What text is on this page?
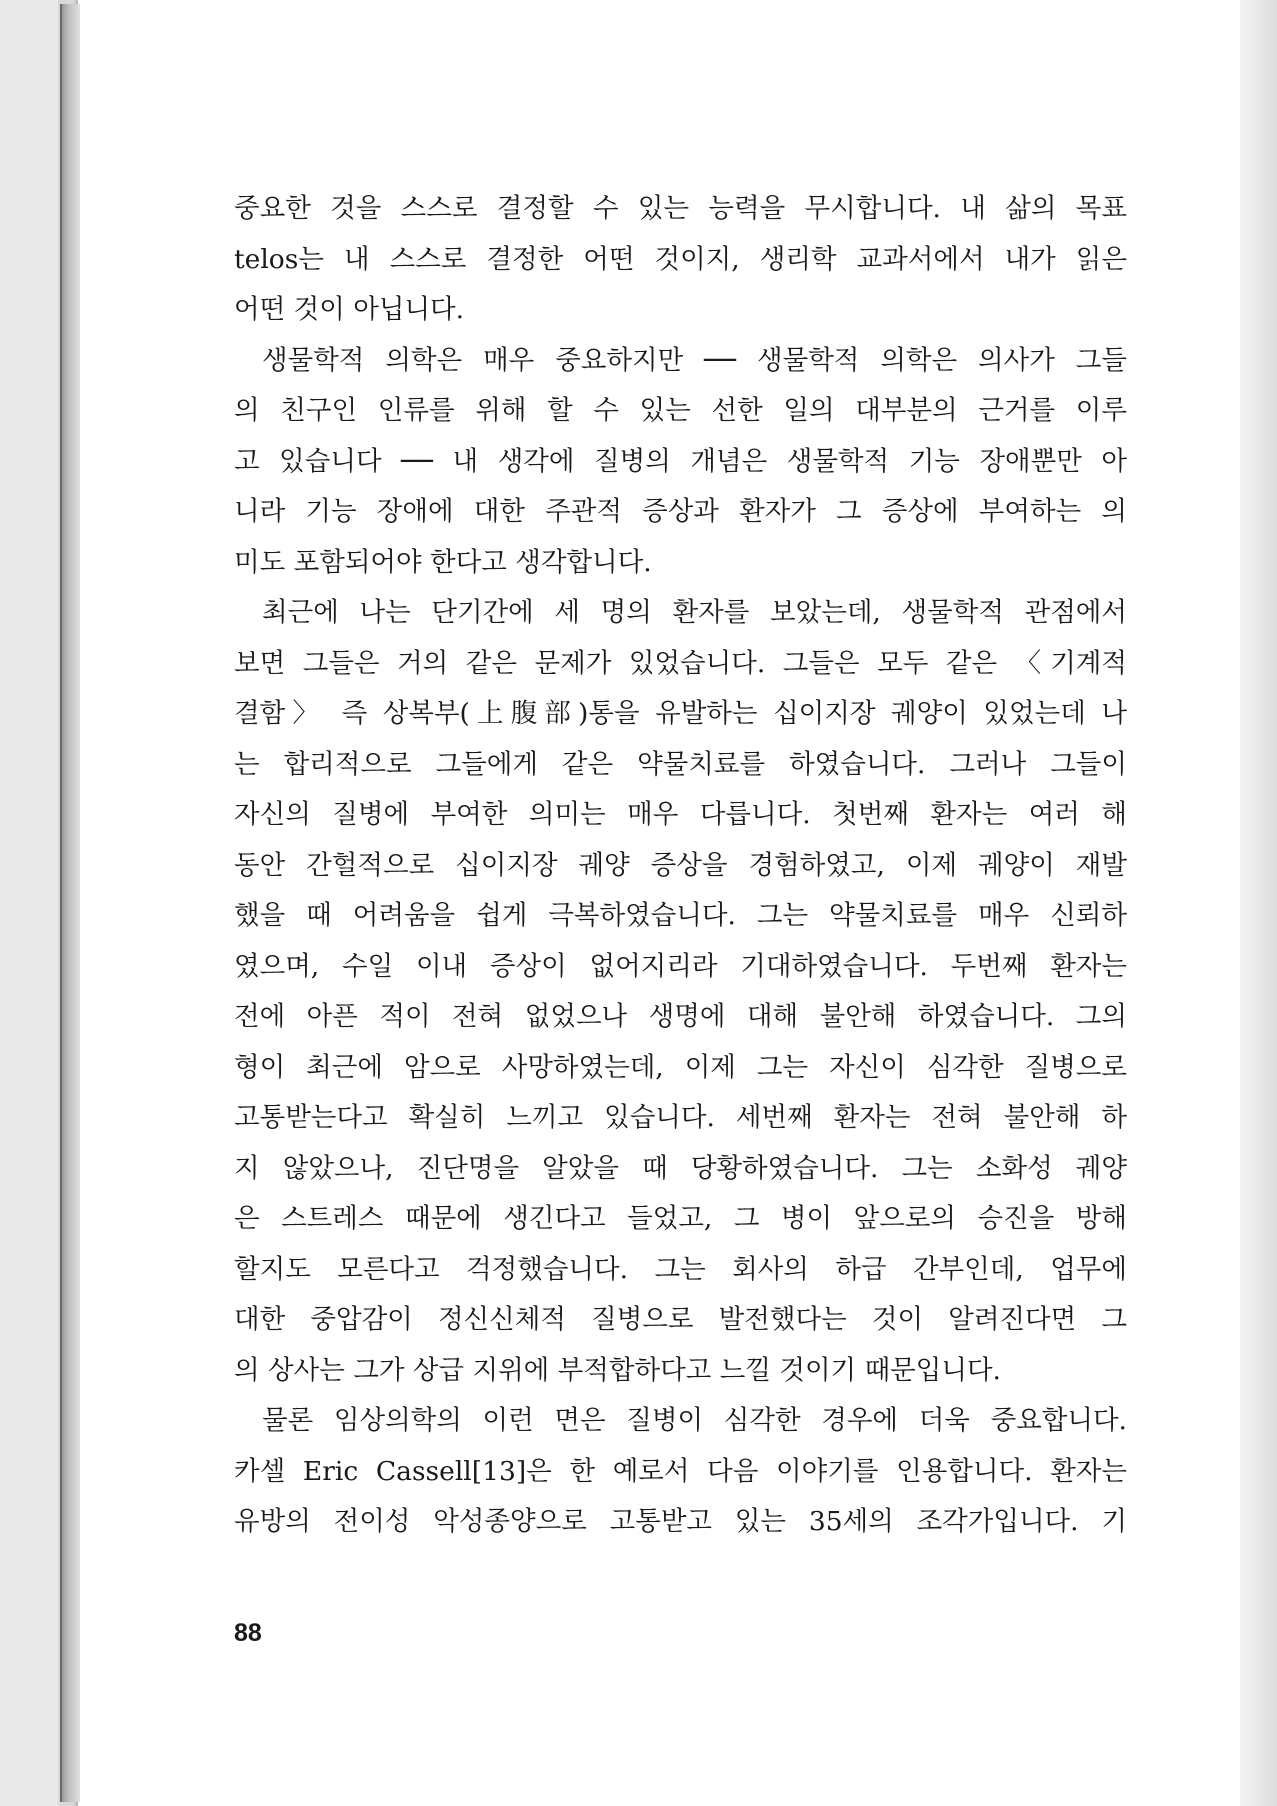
중요한 것을 스스로 결정할 수 있는 능력을 무시합니다. 내 삶의 목표
telos는 내 스스로 결정한 어떤 것이지, 생리학 교과서에서 내가 읽은
어떤 것이 아닙니다.
생물학적 의학은 매우 중요하지만 ── 생물학적 의학은 의사가 그들
의 친구인 인류를 위해 할 수 있는 선한 일의 대부분의 근거를 이루
고 있습니다 ── 내 생각에 질병의 개념은 생물학적 기능 장애뿐만 아
니라 기능 장애에 대한 주관적 증상과 환자가 그 증상에 부여하는 의
미도 포함되어야 한다고 생각합니다.
최근에 나는 단기간에 세 명의 환자를 보았는데, 생물학적 관점에서
보면 그들은 거의 같은 문제가 있었습니다. 그들은 모두 같은 〈기계적
결함〉 즉 상복부(上腹部)통을 유발하는 십이지장 궤양이 있었는데 나
는 합리적으로 그들에게 같은 약물치료를 하였습니다. 그러나 그들이
자신의 질병에 부여한 의미는 매우 다릅니다. 첫번째 환자는 여러 해
동안 간헐적으로 십이지장 궤양 증상을 경험하였고, 이제 궤양이 재발
했을 때 어려움을 쉽게 극복하였습니다. 그는 약물치료를 매우 신뢰하
였으며, 수일 이내 증상이 없어지리라 기대하였습니다. 두번째 환자는
전에 아픈 적이 전혀 없었으나 생명에 대해 불안해 하였습니다. 그의
형이 최근에 암으로 사망하였는데, 이제 그는 자신이 심각한 질병으로
고통받는다고 확실히 느끼고 있습니다. 세번째 환자는 전혀 불안해 하
지 않았으나, 진단명을 알았을 때 당황하였습니다. 그는 소화성 궤양
은 스트레스 때문에 생긴다고 들었고, 그 병이 앞으로의 승진을 방해
할지도 모른다고 걱정했습니다. 그는 회사의 하급 간부인데, 업무에
대한 중압감이 정신신체적 질병으로 발전했다는 것이 알려진다면 그
의 상사는 그가 상급 지위에 부적합하다고 느낄 것이기 때문입니다.
물론 임상의학의 이런 면은 질병이 심각한 경우에 더욱 중요합니다.
카셀 Eric Cassell[13]은 한 예로서 다음 이야기를 인용합니다. 환자는
유방의 전이성 악성종양으로 고통받고 있는 35세의 조각가입니다. 기
88
